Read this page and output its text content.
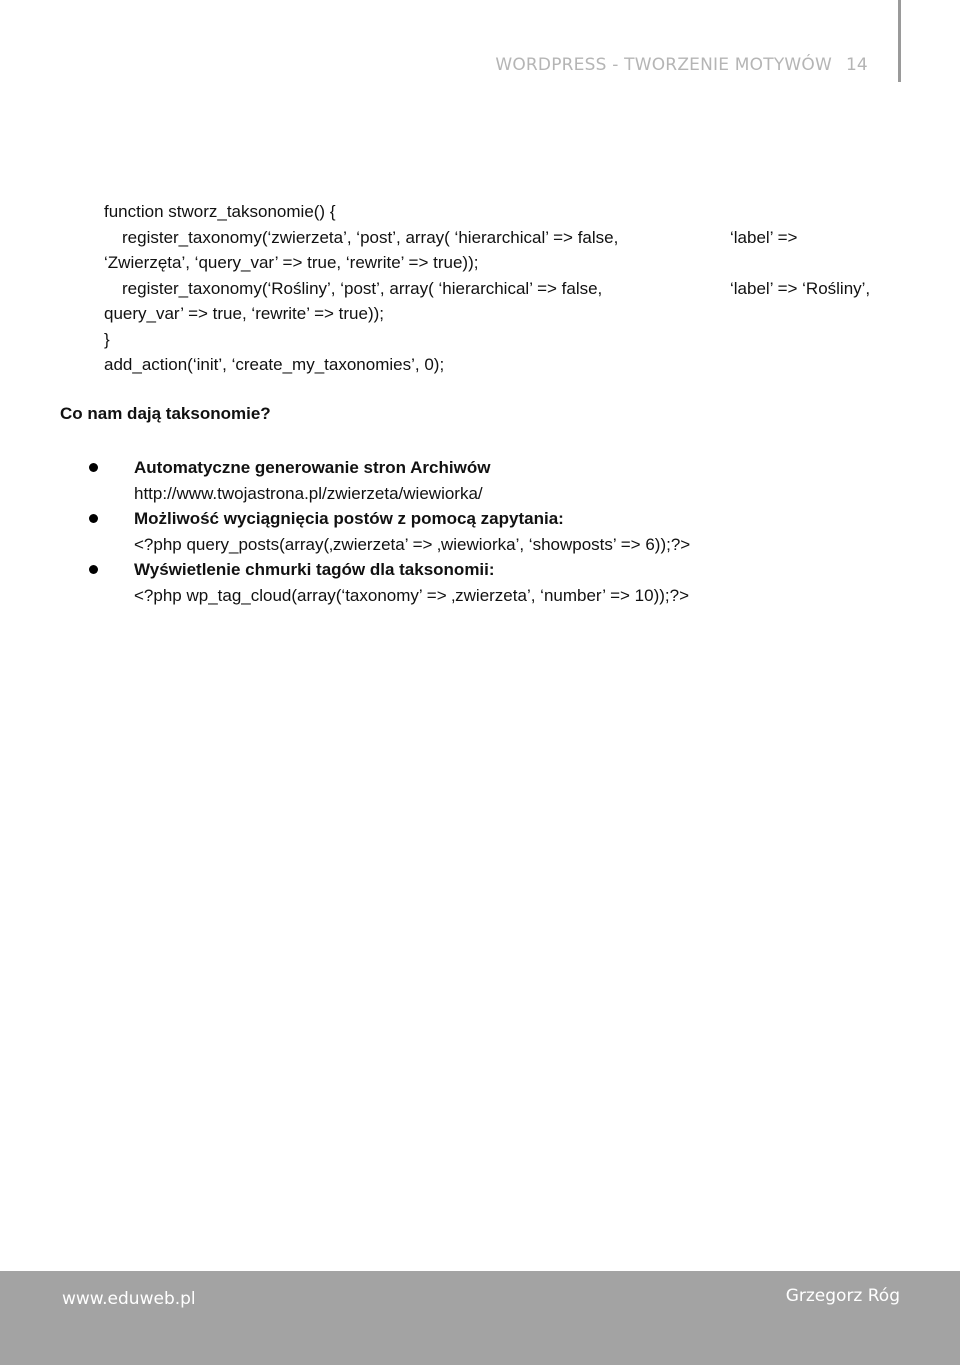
WORDPRESS - TWORZENIE MOTYWÓW 14
function stworz_taksonomie() {
register_taxonomy(‘zwierzeta’, ‘post’, array( ‘hierarchical’ => false,	‘label’ =>
‘Zwierzęta’, ‘query_var’ => true, ‘rewrite’ => true));
register_taxonomy(‘Rośliny’, ‘post’, array( ‘hierarchical’ => false,	‘label’ => ‘Rośliny’,
query_var’ => true, ‘rewrite’ => true));
}
add_action(‘init’, ‘create_my_taxonomies’, 0);
Co nam dają taksonomie?
Automatyczne generowanie stron Archiwów
http://www.twojastrona.pl/zwierzeta/wiewiorka/
Możliwość wyciągnięcia postów z pomocą zapytania:
<?php query_posts(array(‚zwierzeta’ => ‚wiewiorka’, ‘showposts’ => 6));?>
Wyświetlenie chmurki tagów dla taksonomii:
<?php wp_tag_cloud(array(‘taxonomy’ => ‚zwierzeta’, ‘number’ => 10));?>
www.eduweb.pl	Grzegorz Róg
